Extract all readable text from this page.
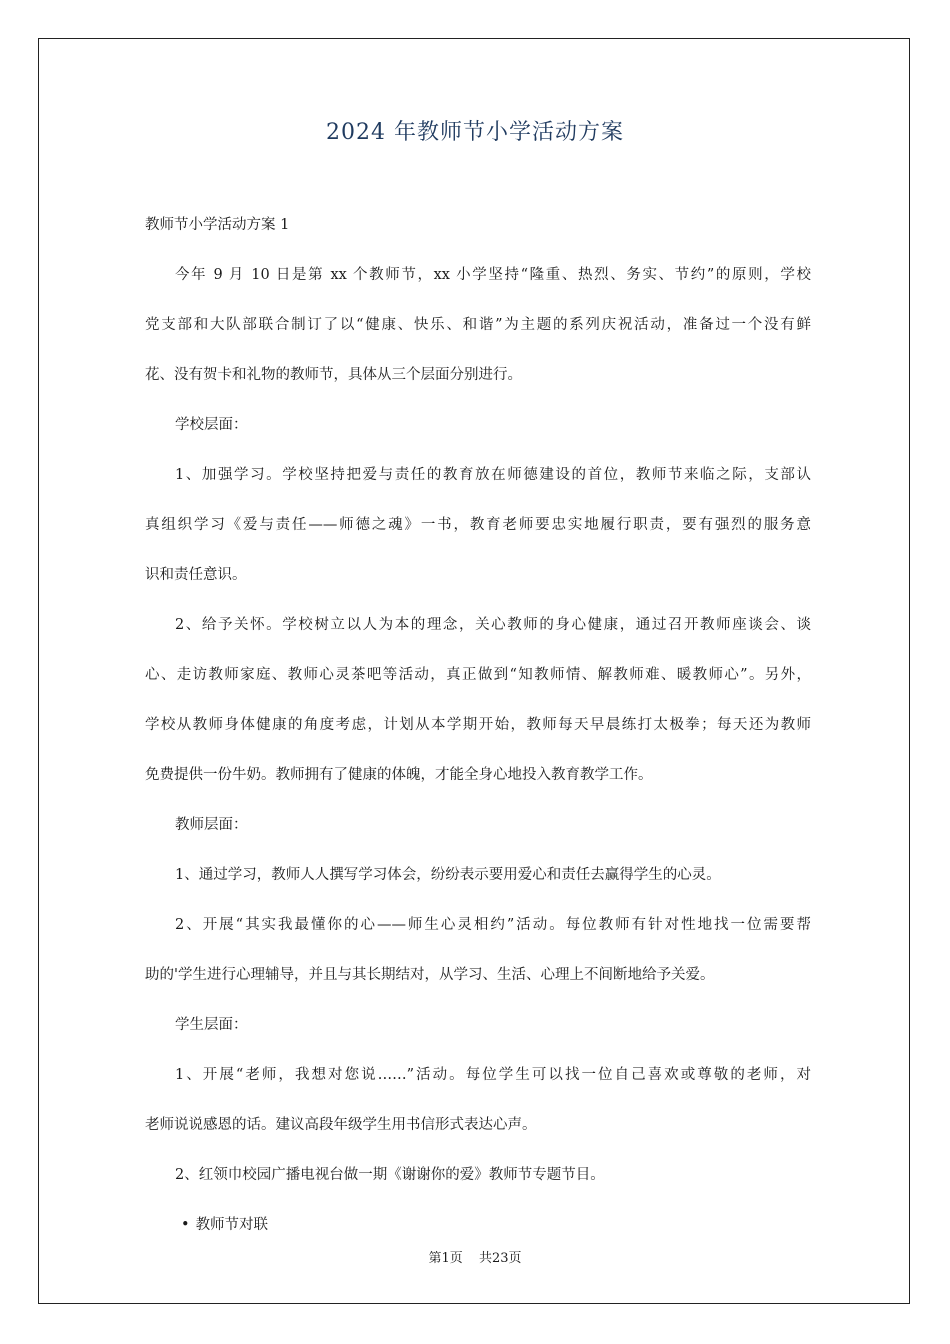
2024 年教师节小学活动方案

教师节小学活动方案 1

今年 9 月 10 日是第 xx 个教师节，xx 小学坚持“隆重、热烈、务实、节约”的原则，学校

党支部和大队部联合制订了以“健康、快乐、和谐”为主题的系列庆祝活动，准备过一个没有鲜

花、没有贺卡和礼物的教师节，具体从三个层面分别进行。

学校层面：

1、加强学习。学校坚持把爱与责任的教育放在师德建设的首位，教师节来临之际，支部认

真组织学习《爱与责任——师德之魂》一书，教育老师要忠实地履行职责，要有强烈的服务意

识和责任意识。

2、给予关怀。学校树立以人为本的理念，关心教师的身心健康，通过召开教师座谈会、谈

心、走访教师家庭、教师心灵茶吧等活动，真正做到“知教师情、解教师难、暖教师心”。另外，

学校从教师身体健康的角度考虑，计划从本学期开始，教师每天早晨练打太极拳；每天还为教师

免费提供一份牛奶。教师拥有了健康的体魄，才能全身心地投入教育教学工作。

教师层面：

1、通过学习，教师人人撰写学习体会，纷纷表示要用爱心和责任去赢得学生的心灵。

2、开展“其实我最懂你的心——师生心灵相约”活动。每位教师有针对性地找一位需要帮

助的'学生进行心理辅导，并且与其长期结对，从学习、生活、心理上不间断地给予关爱。

学生层面：

1、开展“老师，我想对您说……”活动。每位学生可以找一位自己喜欢或尊敬的老师，对

老师说说感恩的话。建议高段年级学生用书信形式表达心声。

2、红领巾校园广播电视台做一期《谢谢你的爱》教师节专题节目。

• 教师节对联

第1页 共23页
